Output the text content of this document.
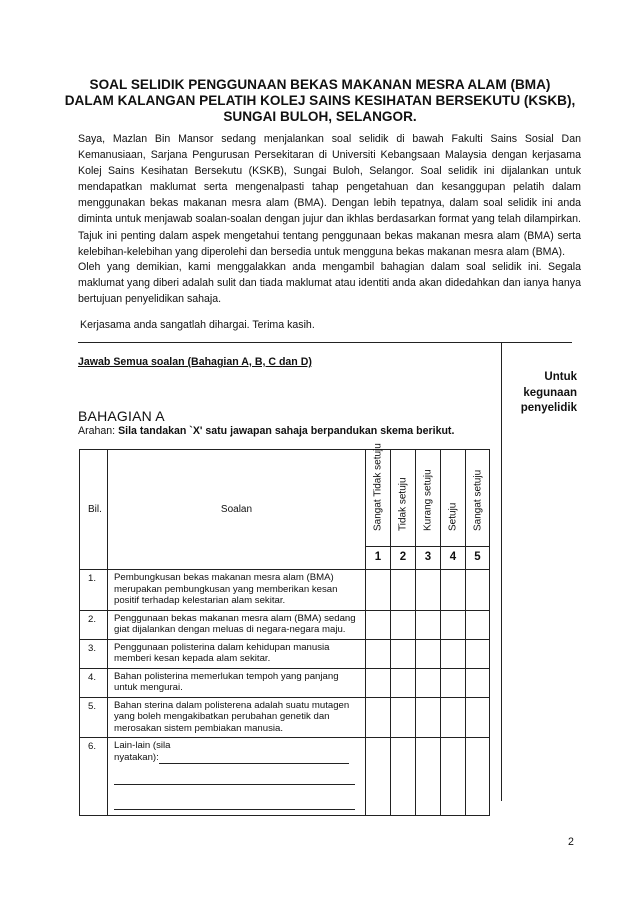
SOAL SELIDIK PENGGUNAAN BEKAS MAKANAN MESRA ALAM (BMA)
DALAM KALANGAN PELATIH KOLEJ SAINS KESIHATAN BERSEKUTU (KSKB),
SUNGAI BULOH, SELANGOR.

Saya, Mazlan Bin Mansor sedang menjalankan soal selidik di bawah Fakulti Sains Sosial Dan Kemanusiaan, Sarjana Pengurusan Persekitaran di Universiti Kebangsaan Malaysia dengan kerjasama Kolej Sains Kesihatan Bersekutu (KSKB), Sungai Buloh, Selangor. Soal selidik ini dijalankan untuk mendapatkan maklumat serta mengenalpasti tahap pengetahuan dan kesanggupan pelatih dalam menggunakan bekas makanan mesra alam (BMA). Dengan lebih tepatnya, dalam soal selidik ini anda diminta untuk menjawab soalan-soalan dengan jujur dan ikhlas berdasarkan format yang telah dilampirkan. Tajuk ini penting dalam aspek mengetahui tentang penggunaan bekas makanan mesra alam (BMA) serta kelebihan-kelebihan yang diperolehi dan bersedia untuk mengguna bekas makanan mesra alam (BMA).

Oleh yang demikian, kami menggalakkan anda mengambil bahagian dalam soal selidik ini. Segala maklumat yang diberi adalah sulit dan tiada maklumat atau identiti anda akan didedahkan dan ianya hanya bertujuan penyelidikan sahaja.

Kerjasama anda sangatlah dihargai. Terima kasih.

Jawab Semua soalan (Bahagian A, B, C dan D)
Untuk
kegunaan
penyelidik
BAHAGIAN A
Arahan: Sila tandakan `X' satu jawapan sahaja berpandukan skema berikut.
Bil.	Soalan	Sangat Tidak setuju	Tidak setuju	Kurang setuju	Setuju	Sangat setuju

		1	2	3	4	5
1.	Pembungkusan bekas makanan mesra alam (BMA) merupakan pembungkusan yang memberikan kesan positif terhadap kelestarian alam sekitar.					
2.	Penggunaan bekas makanan mesra alam (BMA) sedang giat dijalankan dengan meluas di negara-negara maju.					
3.	Penggunaan polisterina dalam kehidupan manusia memberi kesan kepada alam sekitar.					
4.	Bahan polisterina memerlukan tempoh yang panjang untuk mengurai.					
5.	Bahan sterina dalam polisterena adalah suatu mutagen yang boleh mengakibatkan perubahan genetik dan merosakan sistem pembiakan manusia.					
6.	Lain-lain (sila
nyatakan):					

2
